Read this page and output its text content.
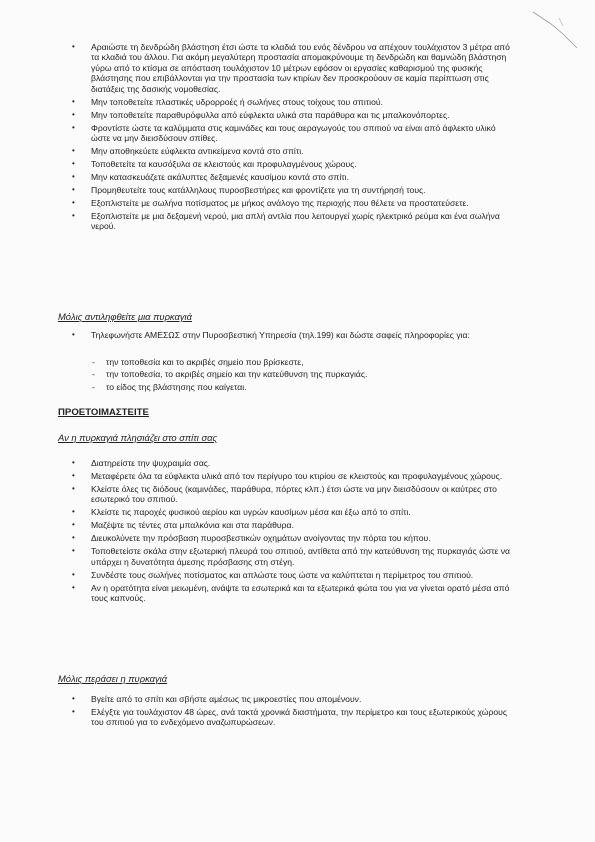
• Αραιώστε τη δενδρώδη βλάστηση έτσι ώστε τα κλαδιά του ενός δένδρου να απέχουν τουλάχιστον 3 μέτρα από τα κλαδιά του άλλου. Για ακόμη μεγαλύτερη προστασία απομακρύνουμε τη δενδρώδη και θαμνώδη βλάστηση γύρω από το κτίσμα σε απόσταση τουλάχιστον 10 μέτρων εφόσον οι εργασίες καθαρισμού της φυσικής βλάστησης που επιβάλλονται για την προστασία των κτιρίων δεν προσκρούουν σε καμία περίπτωση στις διατάξεις της δασικής νομοθεσίας.
• Μην τοποθετείτε πλαστικές υδρορροές ή σωλήνες στους τοίχους του σπιτιού.
• Μην τοποθετείτε παραθυρόφυλλα από εύφλεκτα υλικά στα παράθυρα και τις μπαλκονόπορτες.
• Φροντίστε ώστε τα καλύμματα στις καμινάδες και τους αεραγωγούς του σπιτιού να είναι από άφλεκτο υλικό ώστε να μην διεισδύσουν σπίθες.
• Μην αποθηκεύετε εύφλεκτα αντικείμενα κοντά στο σπίτι.
• Τοποθετείτε τα καυσόξυλα σε κλειστούς και προφυλαγμένους χώρους.
• Μην κατασκευάζετε ακάλυπτες δεξαμενές καυσίμου κοντά στο σπίτι.
• Προμηθευτείτε τους κατάλληλους πυροσβεστήρες και φροντίζετε για τη συντήρησή τους.
• Εξοπλιστείτε με σωλήνα ποτίσματος με μήκος ανάλογο της περιοχής που θέλετε να προστατεύσετε.
• Εξοπλιστείτε με μια δεξαμενή νερού, μια απλή αντλία που λειτουργεί χωρίς ηλεκτρικό ρεύμα και ένα σωλήνα νερού.
Μόλις αντιληφθείτε μια πυρκαγιά
• Τηλεφωνήστε ΑΜΕΣΩΣ στην Πυροσβεστική Υπηρεσία (τηλ.199) και δώστε σαφείς πληροφορίες για:
- την τοποθεσία και το ακριβές σημείο που βρίσκεστε,
- την τοποθεσία, το ακριβές σημείο και την κατεύθυνση της πυρκαγιάς.
- το είδος της βλάστησης που καίγεται.
ΠΡΟΕΤΟΙΜΑΣΤΕΙΤΕ
Αν η πυρκαγιά πλησιάζει στο σπίτι σας
• Διατηρείστε την ψυχραιμία σας.
• Μεταφέρετε όλα τα εύφλεκτα υλικά από τον περίγυρο του κτιρίου σε κλειστούς και προφυλαγμένους χώρους.
• Κλείστε όλες τις διόδους (καμινάδες, παράθυρα, πόρτες κλπ.) έτσι ώστε να μην διεισδύσουν οι καύτρες στο εσωτερικό του σπιτιού.
• Κλείστε τις παροχές φυσικού αερίου και υγρών καυσίμων μέσα και έξω από το σπίτι.
• Μαζέψτε τις τέντες στα μπαλκόνια και στα παράθυρα.
• Διευκολύνετε την πρόσβαση πυροσβεστικών οχημάτων ανοίγοντας την πόρτα του κήπου.
• Τοποθετείστε σκάλα στην εξωτερική πλευρά του σπιτιού, αντίθετα από την κατεύθυνση της πυρκαγιάς ώστε να υπάρχει η δυνατότητα άμεσης πρόσβασης στη στέγη.
• Συνδέστε τους σωλήνες ποτίσματος και απλώστε τους ώστε να καλύπτεται η περίμετρος του σπιτιού.
• Αν η ορατότητα είναι μειωμένη, ανάψτε τα εσωτερικά και τα εξωτερικά φώτα του για να γίνεται ορατό μέσα από τους καπνούς.
Μόλις περάσει η πυρκαγιά
• Βγείτε από το σπίτι και σβήστε αμέσως τις μικροεστίες που απομένουν.
• Ελέγξτε για τουλάχιστον 48 ώρες, ανά τακτά χρονικά διαστήματα, την περίμετρο και τους εξωτερικούς χώρους του σπιτιού για το ενδεχόμενο αναζωπυρώσεων.
